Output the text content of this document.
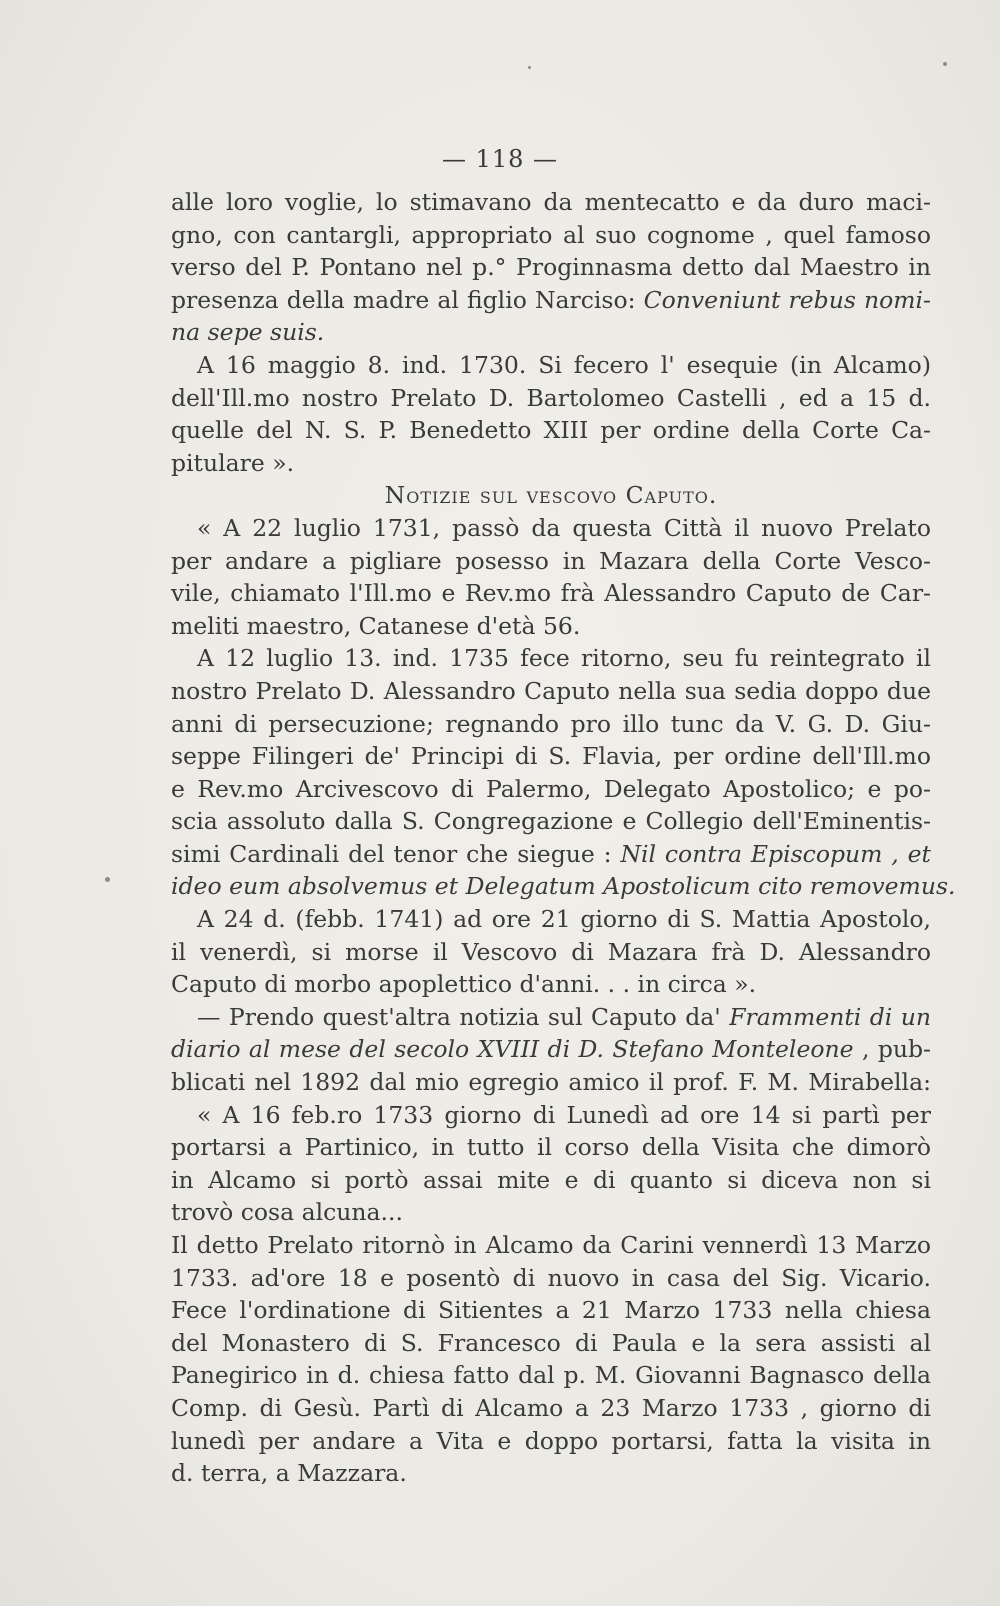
— 118 —
alle loro voglie, lo stimavano da mentecatto e da duro maci-
gno, con cantargli, appropriato al suo cognome , quel famoso
verso del P. Pontano nel p.° Proginnasma detto dal Maestro in
presenza della madre al figlio Narciso: Conveniunt rebus nomi-
na sepe suis.
A 16 maggio 8. ind. 1730. Si fecero l' esequie (in Alcamo)
dell'Ill.mo nostro Prelato D. Bartolomeo Castelli , ed a 15 d.
quelle del N. S. P. Benedetto XIII per ordine della Corte Ca-
pitulare ».
Notizie sul vescovo Caputo.
« A 22 luglio 1731, passò da questa Città il nuovo Prelato
per andare a pigliare posesso in Mazara della Corte Vesco-
vile, chiamato l'Ill.mo e Rev.mo frà Alessandro Caputo de Car-
meliti maestro, Catanese d'età 56.
A 12 luglio 13. ind. 1735 fece ritorno, seu fu reintegrato il
nostro Prelato D. Alessandro Caputo nella sua sedia doppo due
anni di persecuzione; regnando pro illo tunc da V. G. D. Giu-
seppe Filingeri de' Principi di S. Flavia, per ordine dell'Ill.mo
e Rev.mo Arcivescovo di Palermo, Delegato Apostolico; e po-
scia assoluto dalla S. Congregazione e Collegio dell'Eminentis-
simi Cardinali del tenor che siegue : Nil contra Episcopum , et
ideo eum absolvemus et Delegatum Apostolicum cito removemus.
A 24 d. (febb. 1741) ad ore 21 giorno di S. Mattia Apostolo,
il venerdì, si morse il Vescovo di Mazara frà D. Alessandro
Caputo di morbo apoplettico d'anni. . . in circa ».
— Prendo quest'altra notizia sul Caputo da' Frammenti di un
diario al mese del secolo XVIII di D. Stefano Monteleone , pub-
blicati nel 1892 dal mio egregio amico il prof. F. M. Mirabella:
« A 16 feb.ro 1733 giorno di Lunedì ad ore 14 si partì per
portarsi a Partinico, in tutto il corso della Visita che dimorò
in Alcamo si portò assai mite e di quanto si diceva non si
trovò cosa alcuna...
Il detto Prelato ritornò in Alcamo da Carini vennerdì 13 Marzo
1733. ad'ore 18 e posentò di nuovo in casa del Sig. Vicario.
Fece l'ordinatione di Sitientes a 21 Marzo 1733 nella chiesa
del Monastero di S. Francesco di Paula e la sera assisti al
Panegirico in d. chiesa fatto dal p. M. Giovanni Bagnasco della
Comp. di Gesù. Partì di Alcamo a 23 Marzo 1733 , giorno di
lunedì per andare a Vita e doppo portarsi, fatta la visita in
d. terra, a Mazzara.
